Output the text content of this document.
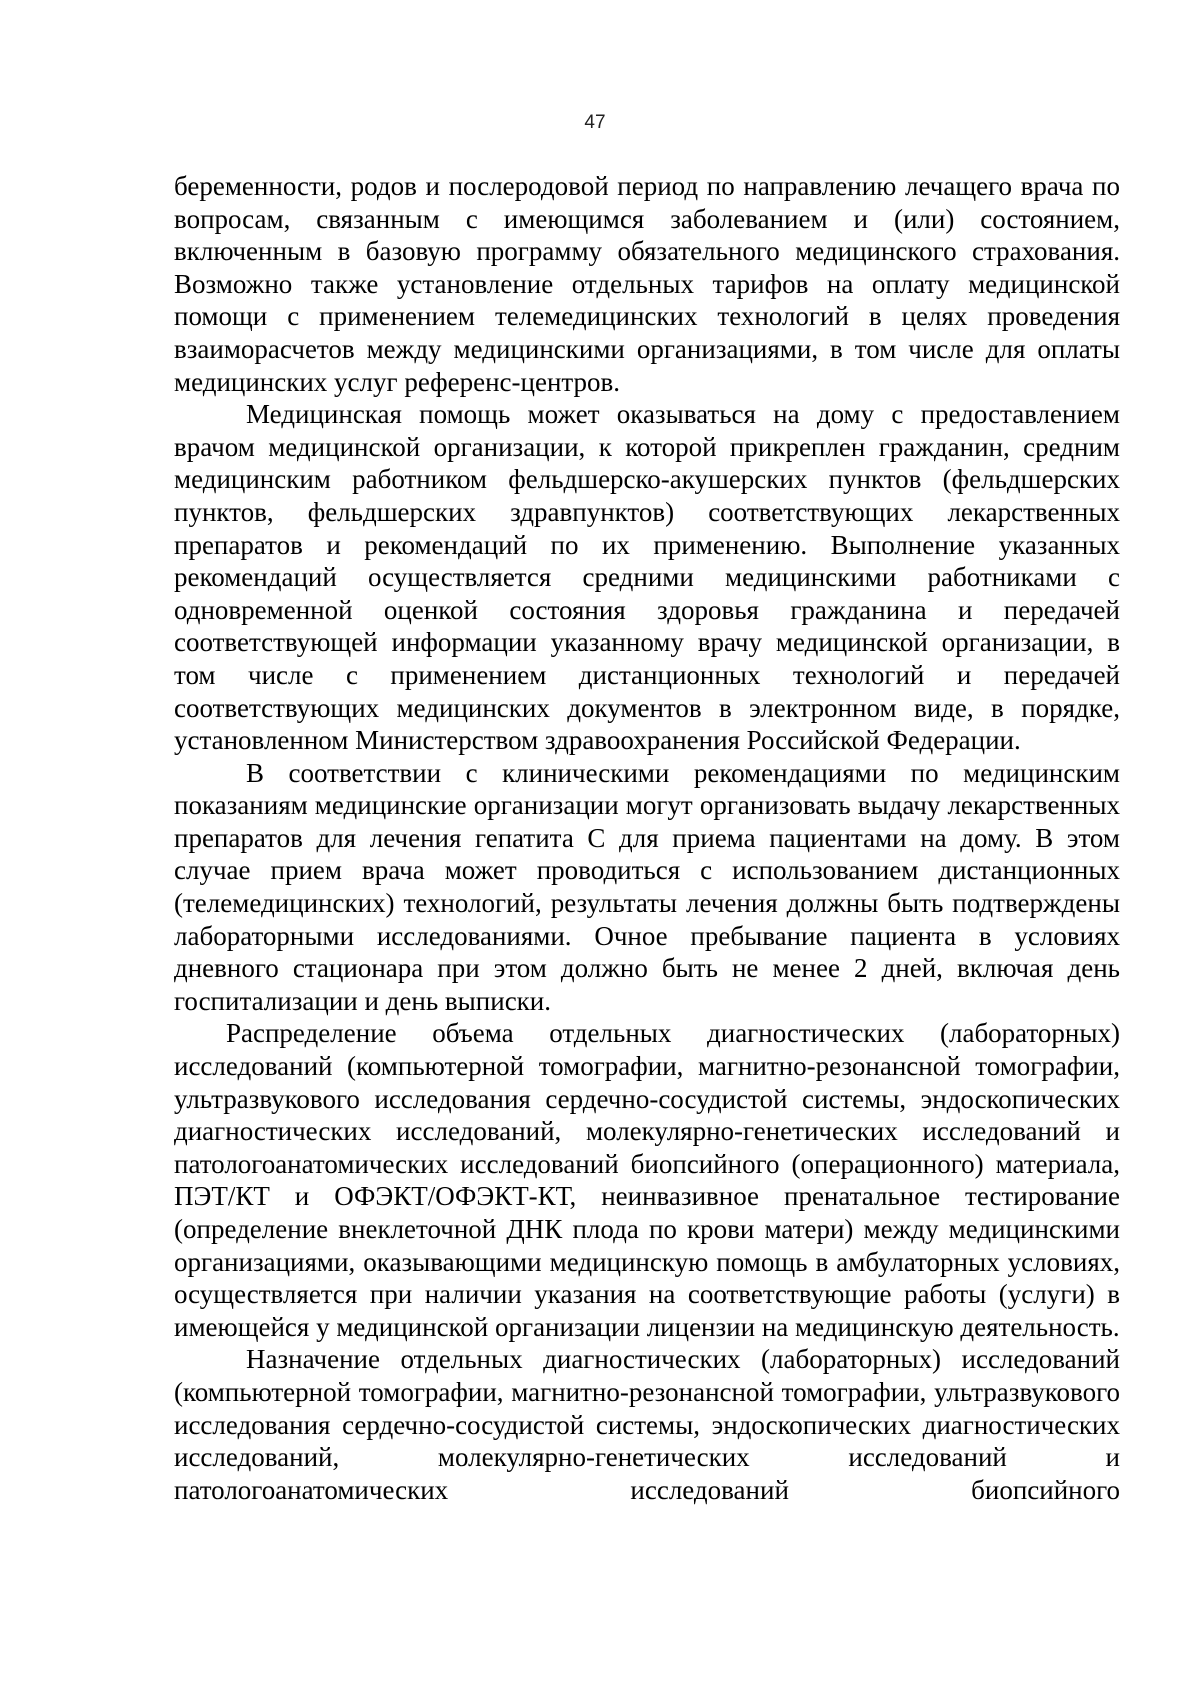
47

беременности, родов и послеродовой период по направлению лечащего врача по вопросам, связанным с имеющимся заболеванием и (или) состоянием, включенным в базовую программу обязательного медицинского страхования. Возможно также установление отдельных тарифов на оплату медицинской помощи с применением телемедицинских технологий в целях проведения взаиморасчетов между медицинскими организациями, в том числе для оплаты медицинских услуг референс-центров.

Медицинская помощь может оказываться на дому с предоставлением врачом медицинской организации, к которой прикреплен гражданин, средним медицинским работником фельдшерско-акушерских пунктов (фельдшерских пунктов, фельдшерских здравпунктов) соответствующих лекарственных препаратов и рекомендаций по их применению. Выполнение указанных рекомендаций осуществляется средними медицинскими работниками с одновременной оценкой состояния здоровья гражданина и передачей соответствующей информации указанному врачу медицинской организации, в том числе с применением дистанционных технологий и передачей соответствующих медицинских документов в электронном виде, в порядке, установленном Министерством здравоохранения Российской Федерации.

В соответствии с клиническими рекомендациями по медицинским показаниям медицинские организации могут организовать выдачу лекарственных препаратов для лечения гепатита С для приема пациентами на дому. В этом случае прием врача может проводиться с использованием дистанционных (телемедицинских) технологий, результаты лечения должны быть подтверждены лабораторными исследованиями. Очное пребывание пациента в условиях дневного стационара при этом должно быть не менее 2 дней, включая день госпитализации и день выписки.

Распределение объема отдельных диагностических (лабораторных) исследований (компьютерной томографии, магнитно-резонансной томографии, ультразвукового исследования сердечно-сосудистой системы, эндоскопических диагностических исследований, молекулярно-генетических исследований и патологоанатомических исследований биопсийного (операционного) материала, ПЭТ/КТ и ОФЭКТ/ОФЭКТ-КТ, неинвазивное пренатальное тестирование (определение внеклеточной ДНК плода по крови матери) между медицинскими организациями, оказывающими медицинскую помощь в амбулаторных условиях, осуществляется при наличии указания на соответствующие работы (услуги) в имеющейся у медицинской организации лицензии на медицинскую деятельность.

Назначение отдельных диагностических (лабораторных) исследований (компьютерной томографии, магнитно-резонансной томографии, ультразвукового исследования сердечно-сосудистой системы, эндоскопических диагностических исследований, молекулярно-генетических исследований и патологоанатомических исследований биопсийного
